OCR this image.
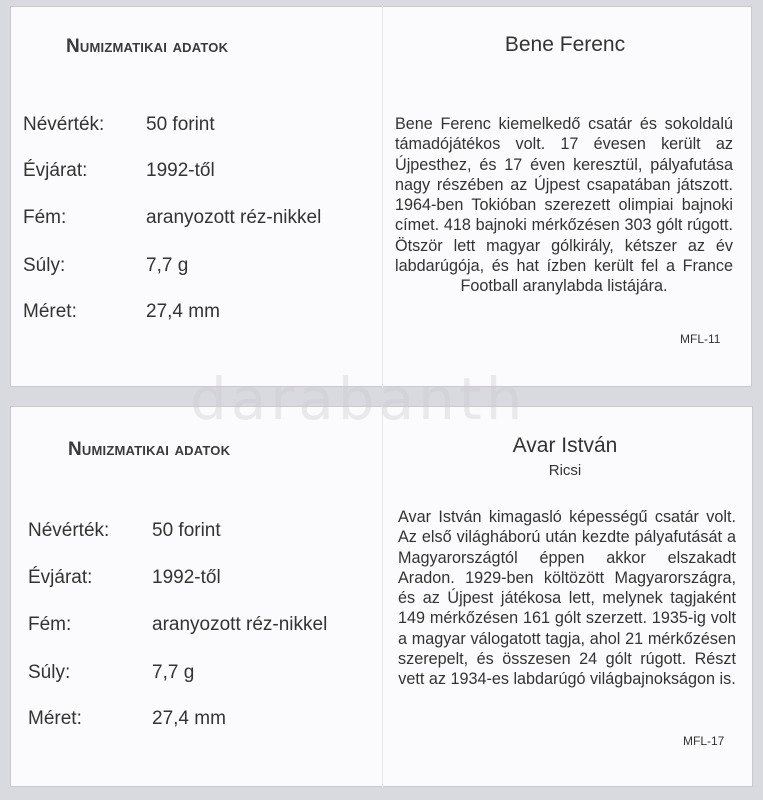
Numizmatikai adatok
Névérték: 50 forint
Évjárat:	1992-től
Fém:	aranyozott réz-nikkel
Súly:	7,7 g
Méret:	27,4 mm
Bene Ferenc
Bene Ferenc kiemelkedő csatár és sokoldalú támadójátékos volt. 17 évesen került az Újpesthez, és 17 éven keresztül, pályafutása nagy részében az Újpest csapatában játszott. 1964-ben Tokióban szerezett olimpiai bajnoki címet. 418 bajnoki mérkőzésen 303 gólt rúgott. Ötször lett magyar gólkirály, kétszer az év labdarúgója, és hat ízben került fel a France Football aranylabda listájára.
MFL-11
Numizmatikai adatok
Névérték: 50 forint
Évjárat:	1992-től
Fém:	aranyozott réz-nikkel
Súly:	7,7 g
Méret:	27,4 mm
Avar István
Ricsi
Avar István kimagasló képességű csatár volt. Az első világháború után kezdte pályafutását a Magyarországtól éppen akkor elszakadt Aradon. 1929-ben költözött Magyarországra, és az Újpest játékosa lett, melynek tagjaként 149 mérkőzésen 161 gólt szerzett. 1935-ig volt a magyar válogatott tagja, ahol 21 mérkőzésen szerepelt, és összesen 24 gólt rúgott. Részt vett az 1934-es labdarúgó világbajnokságon is.
MFL-17
darabanth
